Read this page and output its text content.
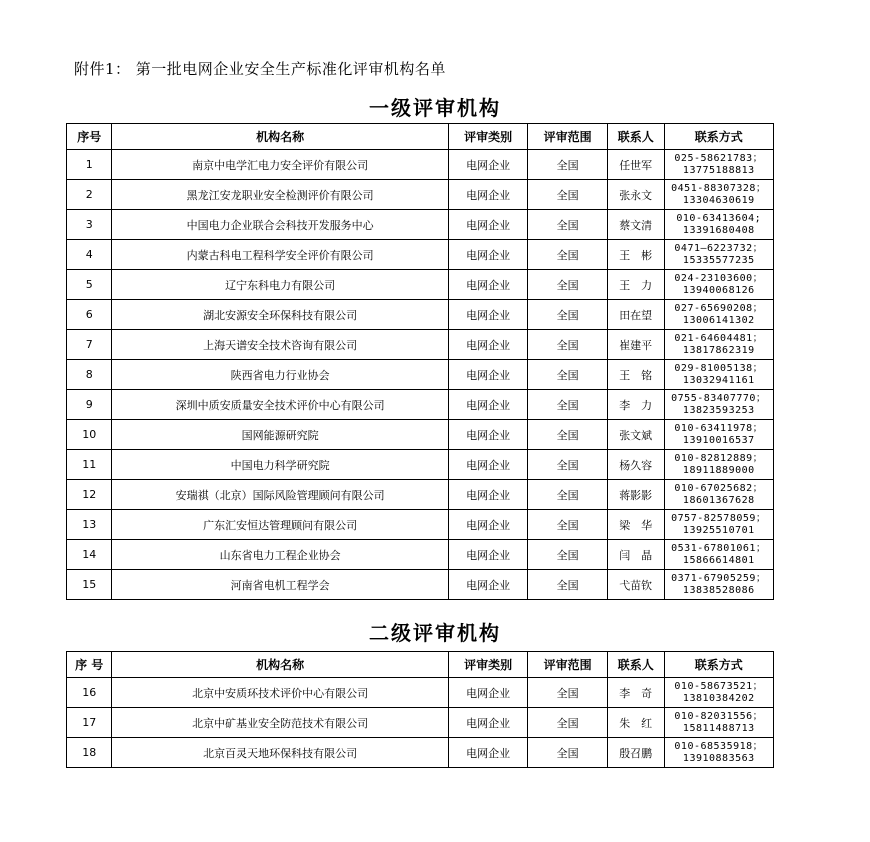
附件1： 第一批电网企业安全生产标准化评审机构名单
一级评审机构
序号	机构名称	评审类别	评审范围	联系人	联系方式
1	南京中电学汇电力安全评价有限公司	电网企业	全国	任世军	025-58621783；
13775188813

2	黑龙江安龙职业安全检测评价有限公司	电网企业	全国	张永文	0451-88307328；
13304630619

3	中国电力企业联合会科技开发服务中心	电网企业	全国	蔡文清	010-63413604;
13391680408

4	内蒙古科电工程科学安全评价有限公司	电网企业	全国	王　彬	0471—6223732；
15335577235

5	辽宁东科电力有限公司	电网企业	全国	王　力	024-23103600；
13940068126

6	湖北安源安全环保科技有限公司	电网企业	全国	田在望	027-65690208；
13006141302

7	上海天谱安全技术咨询有限公司	电网企业	全国	崔建平	021-64604481；
13817862319

8	陕西省电力行业协会	电网企业	全国	王　铭	029-81005138；
13032941161

9	深圳中质安质量安全技术评价中心有限公司	电网企业	全国	李　力	0755-83407770；
13823593253

10	国网能源研究院	电网企业	全国	张文斌	010-63411978；
13910016537

11	中国电力科学研究院	电网企业	全国	杨久容	010-82812889；
18911889000

12	安瑞祺（北京）国际风险管理顾问有限公司	电网企业	全国	蒋影影	010-67025682；
18601367628

13	广东汇安恒达管理顾问有限公司	电网企业	全国	梁　华	0757-82578059；
13925510701

14	山东省电力工程企业协会	电网企业	全国	闫　晶	0531-67801061；
15866614801

15	河南省电机工程学会	电网企业	全国	弋苗钦	0371-67905259；
13838528086
二级评审机构
序 号	机构名称	评审类别	评审范围	联系人	联系方式
16	北京中安质环技术评价中心有限公司	电网企业	全国	李　奇	010-58673521；
13810384202

17	北京中矿基业安全防范技术有限公司	电网企业	全国	朱　红	010-82031556；
15811488713

18	北京百灵天地环保科技有限公司	电网企业	全国	殷召鹏	010-68535918；
13910883563
